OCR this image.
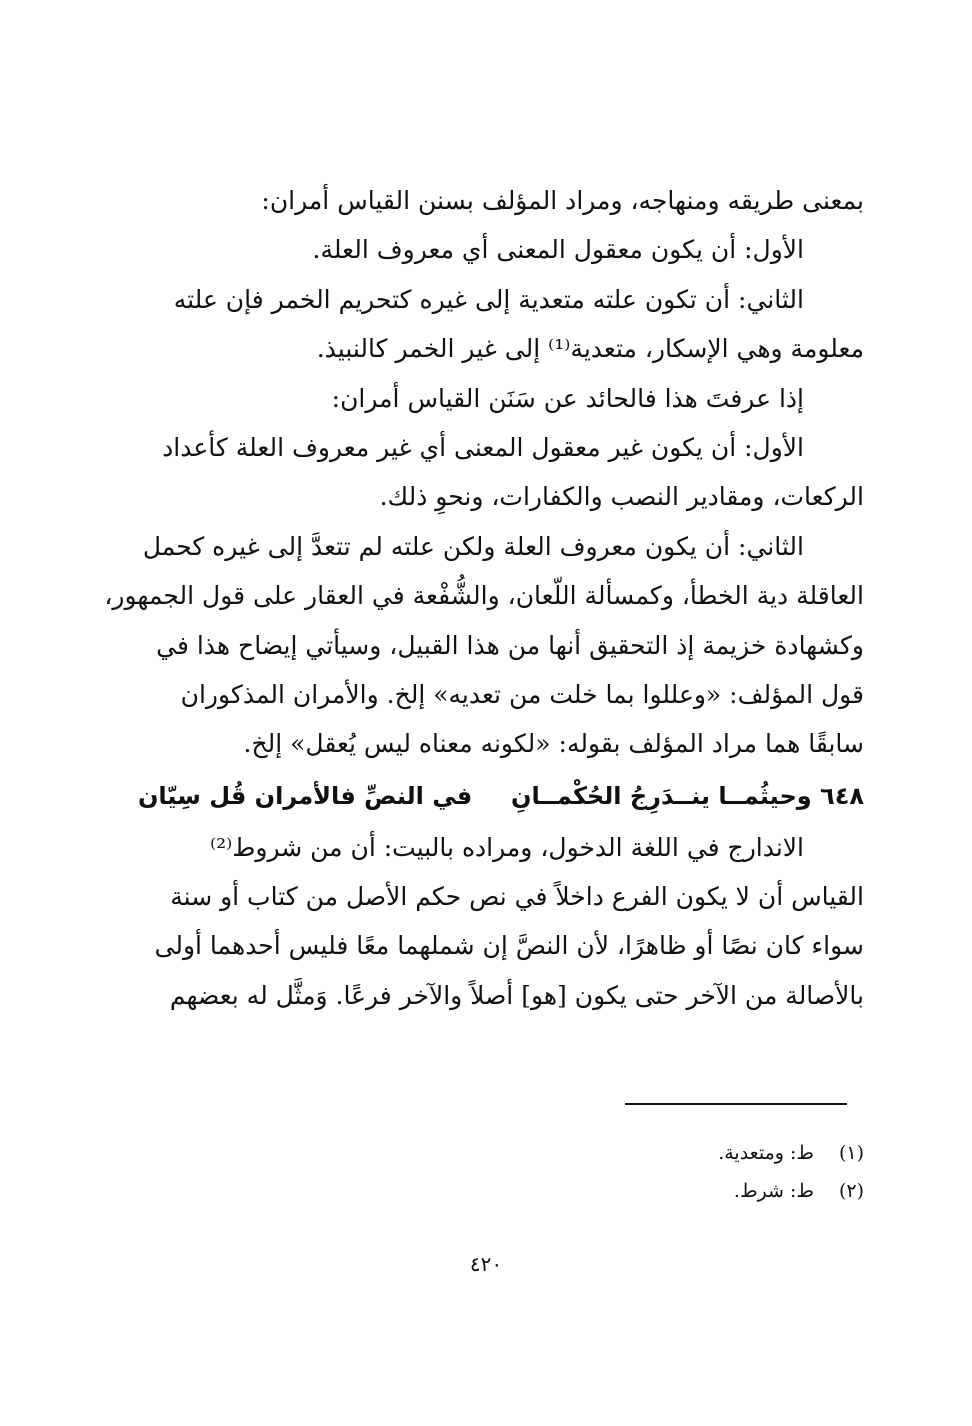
بمعنى طريقه ومنهاجه، ومراد المؤلف بسنن القياس أمران:
الأول: أن يكون معقول المعنى أي معروف العلة.
الثاني: أن تكون علته متعدية إلى غيره كتحريم الخمر فإن علته
معلومة وهي الإسكار، متعدية⁽¹⁾ إلى غير الخمر كالنبيذ.
إذا عرفتَ هذا فالحائد عن سَنَن القياس أمران:
الأول: أن يكون غير معقول المعنى أي غير معروف العلة كأعداد
الركعات، ومقادير النصب والكفارات، ونحوِ ذلك.
الثاني: أن يكون معروف العلة ولكن علته لم تتعدَّ إلى غيره كحمل
العاقلة دية الخطأ، وكمسألة اللّعان، والشُّفْعة في العقار على قول الجمهور،
وكشهادة خزيمة إذ التحقيق أنها من هذا القبيل، وسيأتي إيضاح هذا في
قول المؤلف: «وعللوا بما خلت من تعديه» إلخ. والأمران المذكوران
سابقًا هما مراد المؤلف بقوله: «لكونه معناه ليس يُعقل» إلخ.
٦٤٨ وحيثُمــا ينــدَرِجُ الحُكْمــانِ  في النصِّ فالأمران قُل سِيّان
الاندارج في اللغة الدخول، ومراده بالبيت: أن من شروط⁽²⁾
القياس أن لا يكون الفرع داخلاً في نص حكم الأصل من كتاب أو سنة
سواء كان نصًا أو ظاهرًا، لأن النصَّ إن شملهما معًا فليس أحدهما أولى
بالأصالة من الآخر حتى يكون [هو] أصلاً والآخر فرعًا. وَمثَّل له بعضهم
(١) ط: ومتعدية.
(٢) ط: شرط.
٤٢٠
